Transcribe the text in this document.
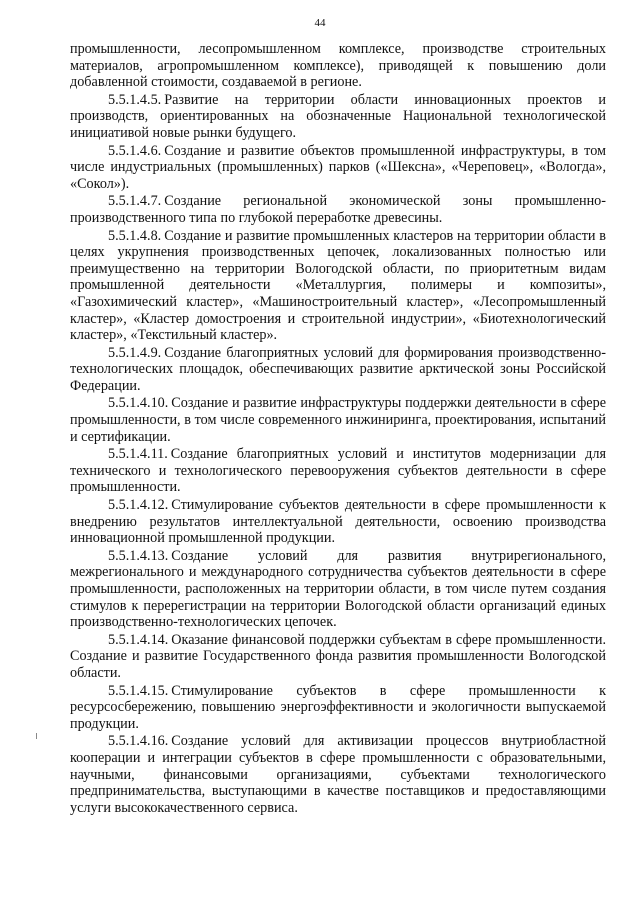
44

промышленности, лесопромышленном комплексе, производстве строительных материалов, агропромышленном комплексе), приводящей к повышению доли добавленной стоимости, создаваемой в регионе.

5.5.1.4.5. Развитие на территории области инновационных проектов и производств, ориентированных на обозначенные Национальной технологической инициативой новые рынки будущего.

5.5.1.4.6. Создание и развитие объектов промышленной инфраструктуры, в том числе индустриальных (промышленных) парков («Шексна», «Череповец», «Вологда», «Сокол»).

5.5.1.4.7. Создание региональной экономической зоны промышленно-производственного типа по глубокой переработке древесины.

5.5.1.4.8. Создание и развитие промышленных кластеров на территории области в целях укрупнения производственных цепочек, локализованных полностью или преимущественно на территории Вологодской области, по приоритетным видам промышленной деятельности «Металлургия, полимеры и композиты», «Газохимический кластер», «Машиностроительный кластер», «Лесопромышленный кластер», «Кластер домостроения и строительной индустрии», «Биотехнологический кластер», «Текстильный кластер».

5.5.1.4.9. Создание благоприятных условий для формирования производственно-технологических площадок, обеспечивающих развитие арктической зоны Российской Федерации.

5.5.1.4.10. Создание и развитие инфраструктуры поддержки деятельности в сфере промышленности, в том числе современного инжиниринга, проектирования, испытаний и сертификации.

5.5.1.4.11. Создание благоприятных условий и институтов модернизации для технического и технологического перевооружения субъектов деятельности в сфере промышленности.

5.5.1.4.12. Стимулирование субъектов деятельности в сфере промышленности к внедрению результатов интеллектуальной деятельности, освоению производства инновационной промышленной продукции.

5.5.1.4.13. Создание условий для развития внутрирегионального, межрегионального и международного сотрудничества субъектов деятельности в сфере промышленности, расположенных на территории области, в том числе путем создания стимулов к перерегистрации на территории Вологодской области организаций единых производственно-технологических цепочек.

5.5.1.4.14. Оказание финансовой поддержки субъектам в сфере промышленности. Создание и развитие Государственного фонда развития промышленности Вологодской области.

5.5.1.4.15. Стимулирование субъектов в сфере промышленности к ресурсосбережению, повышению энергоэффективности и экологичности выпускаемой продукции.

5.5.1.4.16. Создание условий для активизации процессов внутриобластной кооперации и интеграции субъектов в сфере промышленности с образовательными, научными, финансовыми организациями, субъектами технологического предпринимательства, выступающими в качестве поставщиков и предоставляющими услуги высококачественного сервиса.
